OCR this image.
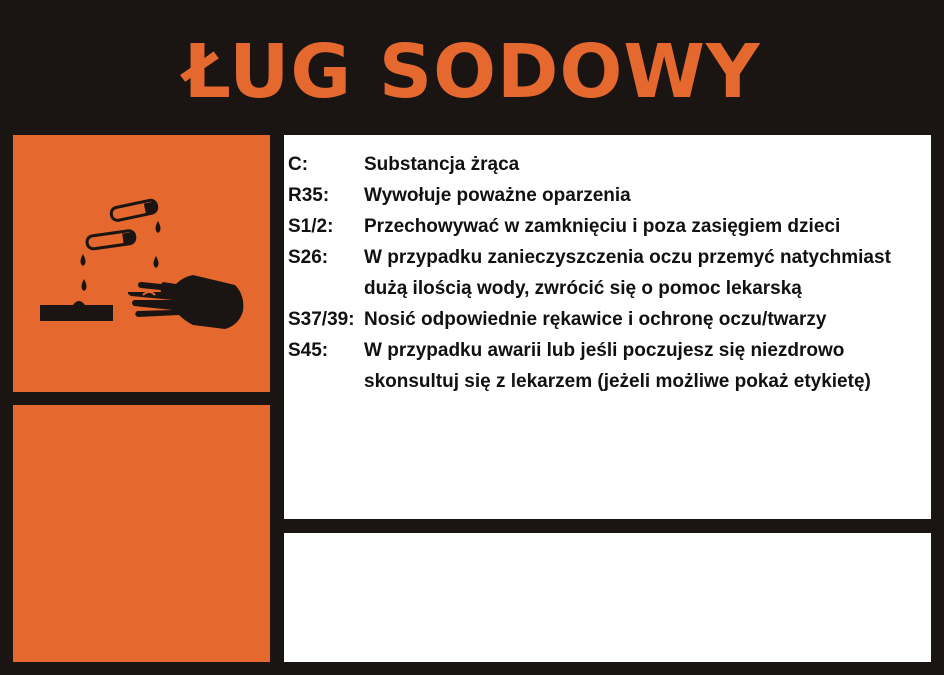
ŁUG SODOWY
C:	Substancja żrąca
R35:	Wywołuje poważne oparzenia
S1/2:	Przechowywać w zamknięciu i poza zasięgiem dzieci
S26:	W przypadku zanieczyszczenia oczu przemyć natychmiast
dużą ilością wody, zwrócić się o pomoc lekarską
S37/39: Nosić odpowiednie rękawice i ochronę oczu/twarzy
S45:	W przypadku awarii lub jeśli poczujesz się niezdrowo
skonsultuj się z lekarzem (jeżeli możliwe pokaż etykietę)
